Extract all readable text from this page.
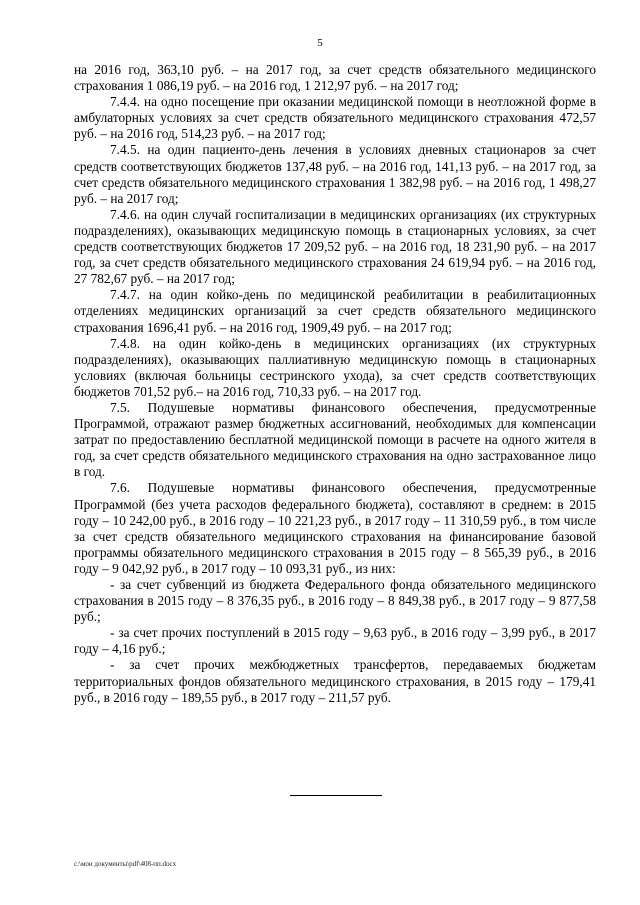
5

на 2016 год, 363,10 руб. – на 2017 год, за счет средств обязательного медицинского страхования 1 086,19 руб. – на 2016 год, 1 212,97 руб. – на 2017 год;

7.4.4. на одно посещение при оказании медицинской помощи в неотложной форме в амбулаторных условиях за счет средств обязательного медицинского страхования 472,57 руб. – на 2016 год, 514,23 руб. – на 2017 год;

7.4.5. на один пациенто-день лечения в условиях дневных стационаров за счет средств соответствующих бюджетов 137,48 руб. – на 2016 год, 141,13 руб. – на 2017 год, за счет средств обязательного медицинского страхования 1 382,98 руб. – на 2016 год, 1 498,27 руб. – на 2017 год;

7.4.6. на один случай госпитализации в медицинских организациях (их структурных подразделениях), оказывающих медицинскую помощь в стационарных условиях, за счет средств соответствующих бюджетов 17 209,52 руб. – на 2016 год, 18 231,90 руб. – на 2017 год, за счет средств обязательного медицинского страхования 24 619,94 руб. – на 2016 год, 27 782,67 руб. – на 2017 год;

7.4.7. на один койко-день по медицинской реабилитации в реабилитационных отделениях медицинских организаций за счет средств обязательного медицинского страхования 1696,41 руб. – на 2016 год, 1909,49 руб. – на 2017 год;

7.4.8. на один койко-день в медицинских организациях (их структурных подразделениях), оказывающих паллиативную медицинскую помощь в стационарных условиях (включая больницы сестринского ухода), за счет средств соответствующих бюджетов 701,52 руб.– на 2016 год, 710,33 руб. – на 2017 год.

7.5. Подушевые нормативы финансового обеспечения, предусмотренные Программой, отражают размер бюджетных ассигнований, необходимых для компенсации затрат по предоставлению бесплатной медицинской помощи в расчете на одного жителя в год, за счет средств обязательного медицинского страхования на одно застрахованное лицо в год.

7.6. Подушевые нормативы финансового обеспечения, предусмотренные Программой (без учета расходов федерального бюджета), составляют в среднем: в 2015 году – 10 242,00 руб., в 2016 году – 10 221,23 руб., в 2017 году – 11 310,59 руб., в том числе за счет средств обязательного медицинского страхования на финансирование базовой программы обязательного медицинского страхования в 2015 году – 8 565,39 руб., в 2016 году – 9 042,92 руб., в 2017 году – 10 093,31 руб., из них:

- за счет субвенций из бюджета Федерального фонда обязательного медицинского страхования в 2015 году – 8 376,35 руб., в 2016 году – 8 849,38 руб., в 2017 году – 9 877,58 руб.;

- за счет прочих поступлений в 2015 году – 9,63 руб., в 2016 году – 3,99 руб., в 2017 году – 4,16 руб.;

- за счет прочих межбюджетных трансфертов, передаваемых бюджетам территориальных фондов обязательного медицинского страхования, в 2015 году – 179,41 руб., в 2016 году – 189,55 руб., в 2017 году – 211,57 руб.

c:\мои документы\pdf\408-пп.docx
